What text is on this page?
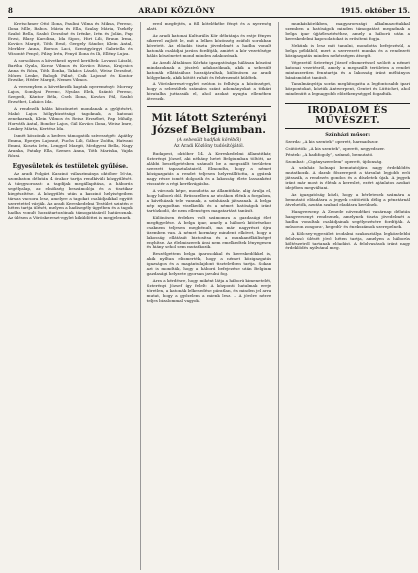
8	ARADI KÖZLÖNY	1915. október 15.

Kretschmer Ottó Ilona, Paulini Vilma és Miksa, Ferenc, Ilona Mlle, Babos. Mária és Ella, Szalay Mária, Tsekély Szabó Bella, Szabó Dezsőné és Irénke, Irén és Jolán, Pap Erzsi, Blasy Karolina, Ida Sipos, Hirt Lili, Braun Irma, Kovács Margit, Tóth Ernő, Gergely Sándor, Klein Antal, Merkler Anna, Borsos Laci, Szentgyörgyi Gabriella és Wisonté Fenyő, Pilisy Irén, Fenyő Ilona és Ili, Ellény Lujza.

A sorsolásra a következő nyerő kerültek: Lovassi László, Bartha Gyula, Koroz Vilmos és Kovács Rózsa, Krajcsics Anna és Róza, Tóth Ilonka, Takács László, Weisz Dezsőné, Mózes Lenke, Balogh Pálné, Csík Lajosné és Kontor Erzsike, Héder Margit, Nemes Vilmos.

A versenyben a következők kaptak nyereményt: Morvay Lajos, Somlyai Ferenc, Nyulas Elek, Szántó Ferenc, Szegedi, Kántor Béla, Cseh Ilona, Kovács Pál, Szabó Erzsébet, Lukács Ida.

A rendezők hálás köszönetet mondanak a gyűjtésért, Makó Lajos hölgybizottsági tagoknak, a katonai zenekarnak, Klein Vilmos és Reisz Erzsébet, Pap Mihály, Horváth Antal, Bondor Lajos, Gál Kovács Ilona, Weisz Imre, Lenkey Márta, Kertész Ida.

Ismét köszönik a kedves támogatók szívességét: Apáthy Emma, Eperjes Lajosné, Fuchs Lili, Gábor Zsófia, Hatvani Emmi, Koszta Irén, Lengyel Margit, Medgyesi Bella, Nagy Aranka, Pataky Ella, Szenes Anna, Tóth Mariska, Vajda Rózsi.

Egyesületek és testületek gyűlése.

Az aradi Polgári Kaszinó választmánya október 16-án, szombaton délután 4 órakor tartja rendkívüli közgyűlését. A tárgysorozat: a tagdíjak megállapítása, a háborús segélyalap, az elnökség beszámolója és a tisztikar kiegészítése. A közgyűlés után a kaszinó helyiségeiben társas vacsora lesz, amelyre a tagokat családjaikkal együtt szeretettel várják. Az aradi Kereskedelmi Testület szintén e héten tartja ülését, melyen a hadisegély ügyében és a tagok hadba vonult hozzátartozóinak támogatásáról határoznak. Az ülésen a Vöröskereszt-egylet kiküldöttei is megjelennek.

ered megfejtés, a fill kötelékébe fényt és a nyereség alatt.

Az aradi katonai Kulturális Kör délutánja és estje fényes sikerrel zajlott le, mit a lelkes közönség zsúfolt sorokban követett. Az előadás tiszta jövedelmét a hadba vonult katonák családjai javára fordítják, amiért a kör vezetősége hálás köszönetet mond minden adakozónak.

Az Aradi Általános Kórház igazgatósága hálásan köszöni mindazoknak a jószívű adakozóknak, akik a sebesült katonák ellátásához hozzájárultak, különösen az aradi hölgyeknek, akik kötött ruhát és fehérneműt küldtek.

A Vöröskereszt-egylet ezúton is felhívja a közönséget, hogy a sebesültek számára szánt adományokat a titkári hivatalba juttassák el, ahol azokat nyugta ellenében átveszik.

Mit látott Szterényi József Belgiumban.
(A sebesült hadfiak köréből)
Az Aradi Közlöny tudósítójától.

Budapest, október 14. A Kereskedelmi államtitkár, Szterényi József, aki néhány hetet Belgiumban töltött, az alábbi beszélgetésben számolt be a megszállt területen szerzett tapasztalatairól. Elmondta, hogy a német közigazgatás a rendet teljesen helyreállította, a gyárak nagy része ismét dolgozik és a lakosság élete lassanként visszatér a régi kerékvágásba.

A városok képe, mondotta az államtitkár, alig árulja el, hogy háború dúl. Brüsszelben az utcákon élénk a forgalom, a kávéházak tele vannak, a színházak játszanak. A belga nép nyugodtan viselkedik és a német hatóságok iránt tartózkodó, de nem ellenséges magatartást tanúsít.

Különösen érdekes volt számomra a gazdasági élet megfigyelése. A belga ipar, amely a háború kitörésekor csaknem teljesen megbénult, ma már nagyrészt újra üzemben van. A német kormány mindent elkövet, hogy a lakosság ellátását biztosítsa és a munkanélküliséget enyhítse. Az élelmiszerek árai nem emelkedtek lényegesen és hiány sehol sem mutatkozik.

Beszélgettem belga iparosokkal és kereskedőkkel is, akik nyíltan elismerték, hogy a német közigazgatás igazságos és a magántulajdont tiszteletben tartja. Sokan azt is mondták, hogy a háború befejezése után Belgium gazdasági helyzete gyorsan javulni fog.

Arra a kérdésre, hogy miként látja a háború kimenetelét, Szterényi József így felelt: A központi hatalmak ereje töretlen, a katonák lelkesedése páratlan, és minden jel arra mutat, hogy a győzelem a mienk lesz. – A jövőre nézve teljes bizalommal vagyok.

munkáskörökben, magyarországi alkalmazottakkal szemben a hatóságok minden támogatást megadnak a belga ipar újjáélesztéséhez, amely a háború után a kereskedelmi kapcsolatokat is erősíteni fogja.

Nekünk is lesz mit tanulni, mondotta befejezésül, a belga példából, mert a szervezett munka és a rendezett közigazgatás minden nehézségen átsegít.

Végezetül Szterényi József elismeréssel szólott a német katonai vezetésről, amely a megszállt területen a rendet mintaszerűen fenntartja és a lakosság iránt méltányos bánásmódot tanúsít.

Tanulmányútja során meglátogatta a legfontosabb ipari központokat, köztük Antwerpent, Gentet és Lüttichet, ahol mindenütt a legnagyobb előzékenységgel fogadták.

IRODALOM ÉS MŰVÉSZET.
Színházi műsor:

Szerda: „A kis szentek” operett, harmadszor.

Csütörtök: „A kis szentek”, operett, negyedszer.

Péntek: „A hadifogoly”, színmű, bemutató.

Szombat: „Cigányszerelem” operett, újdonság.

A színház holnapi bemutatójára nagy érdeklődés mutatkozik. A darab főszerepeit a társulat legjobb erői játsszák, a rendezés gondos és a díszletek újak. A jegyek iránt már most is élénk a kereslet, ezért ajánlatos azokat idejében megváltani.

Az igazgatóság közli, hogy a bérletesek számára a bemutató előadásra a jegyek csütörtök délig a pénztárnál átvehetők, azután szabad eladásra kerülnek.

Hangverseny. A Zenede növendékei vasárnap délután hangversenyt rendeznek, amelynek tiszta jövedelmét a hadba vonultak családjainak segélyezésére fordítják. A műsoron zongora-, hegedű- és énekszámok szerepelnek.

A Kölcsey-egyesület irodalmi szakosztálya legközelebbi felolvasó ülését jövő héten tartja, amelyen a háborús költészetről tartanak előadást. A felolvasások iránt nagy érdeklődés nyilvánul meg.
